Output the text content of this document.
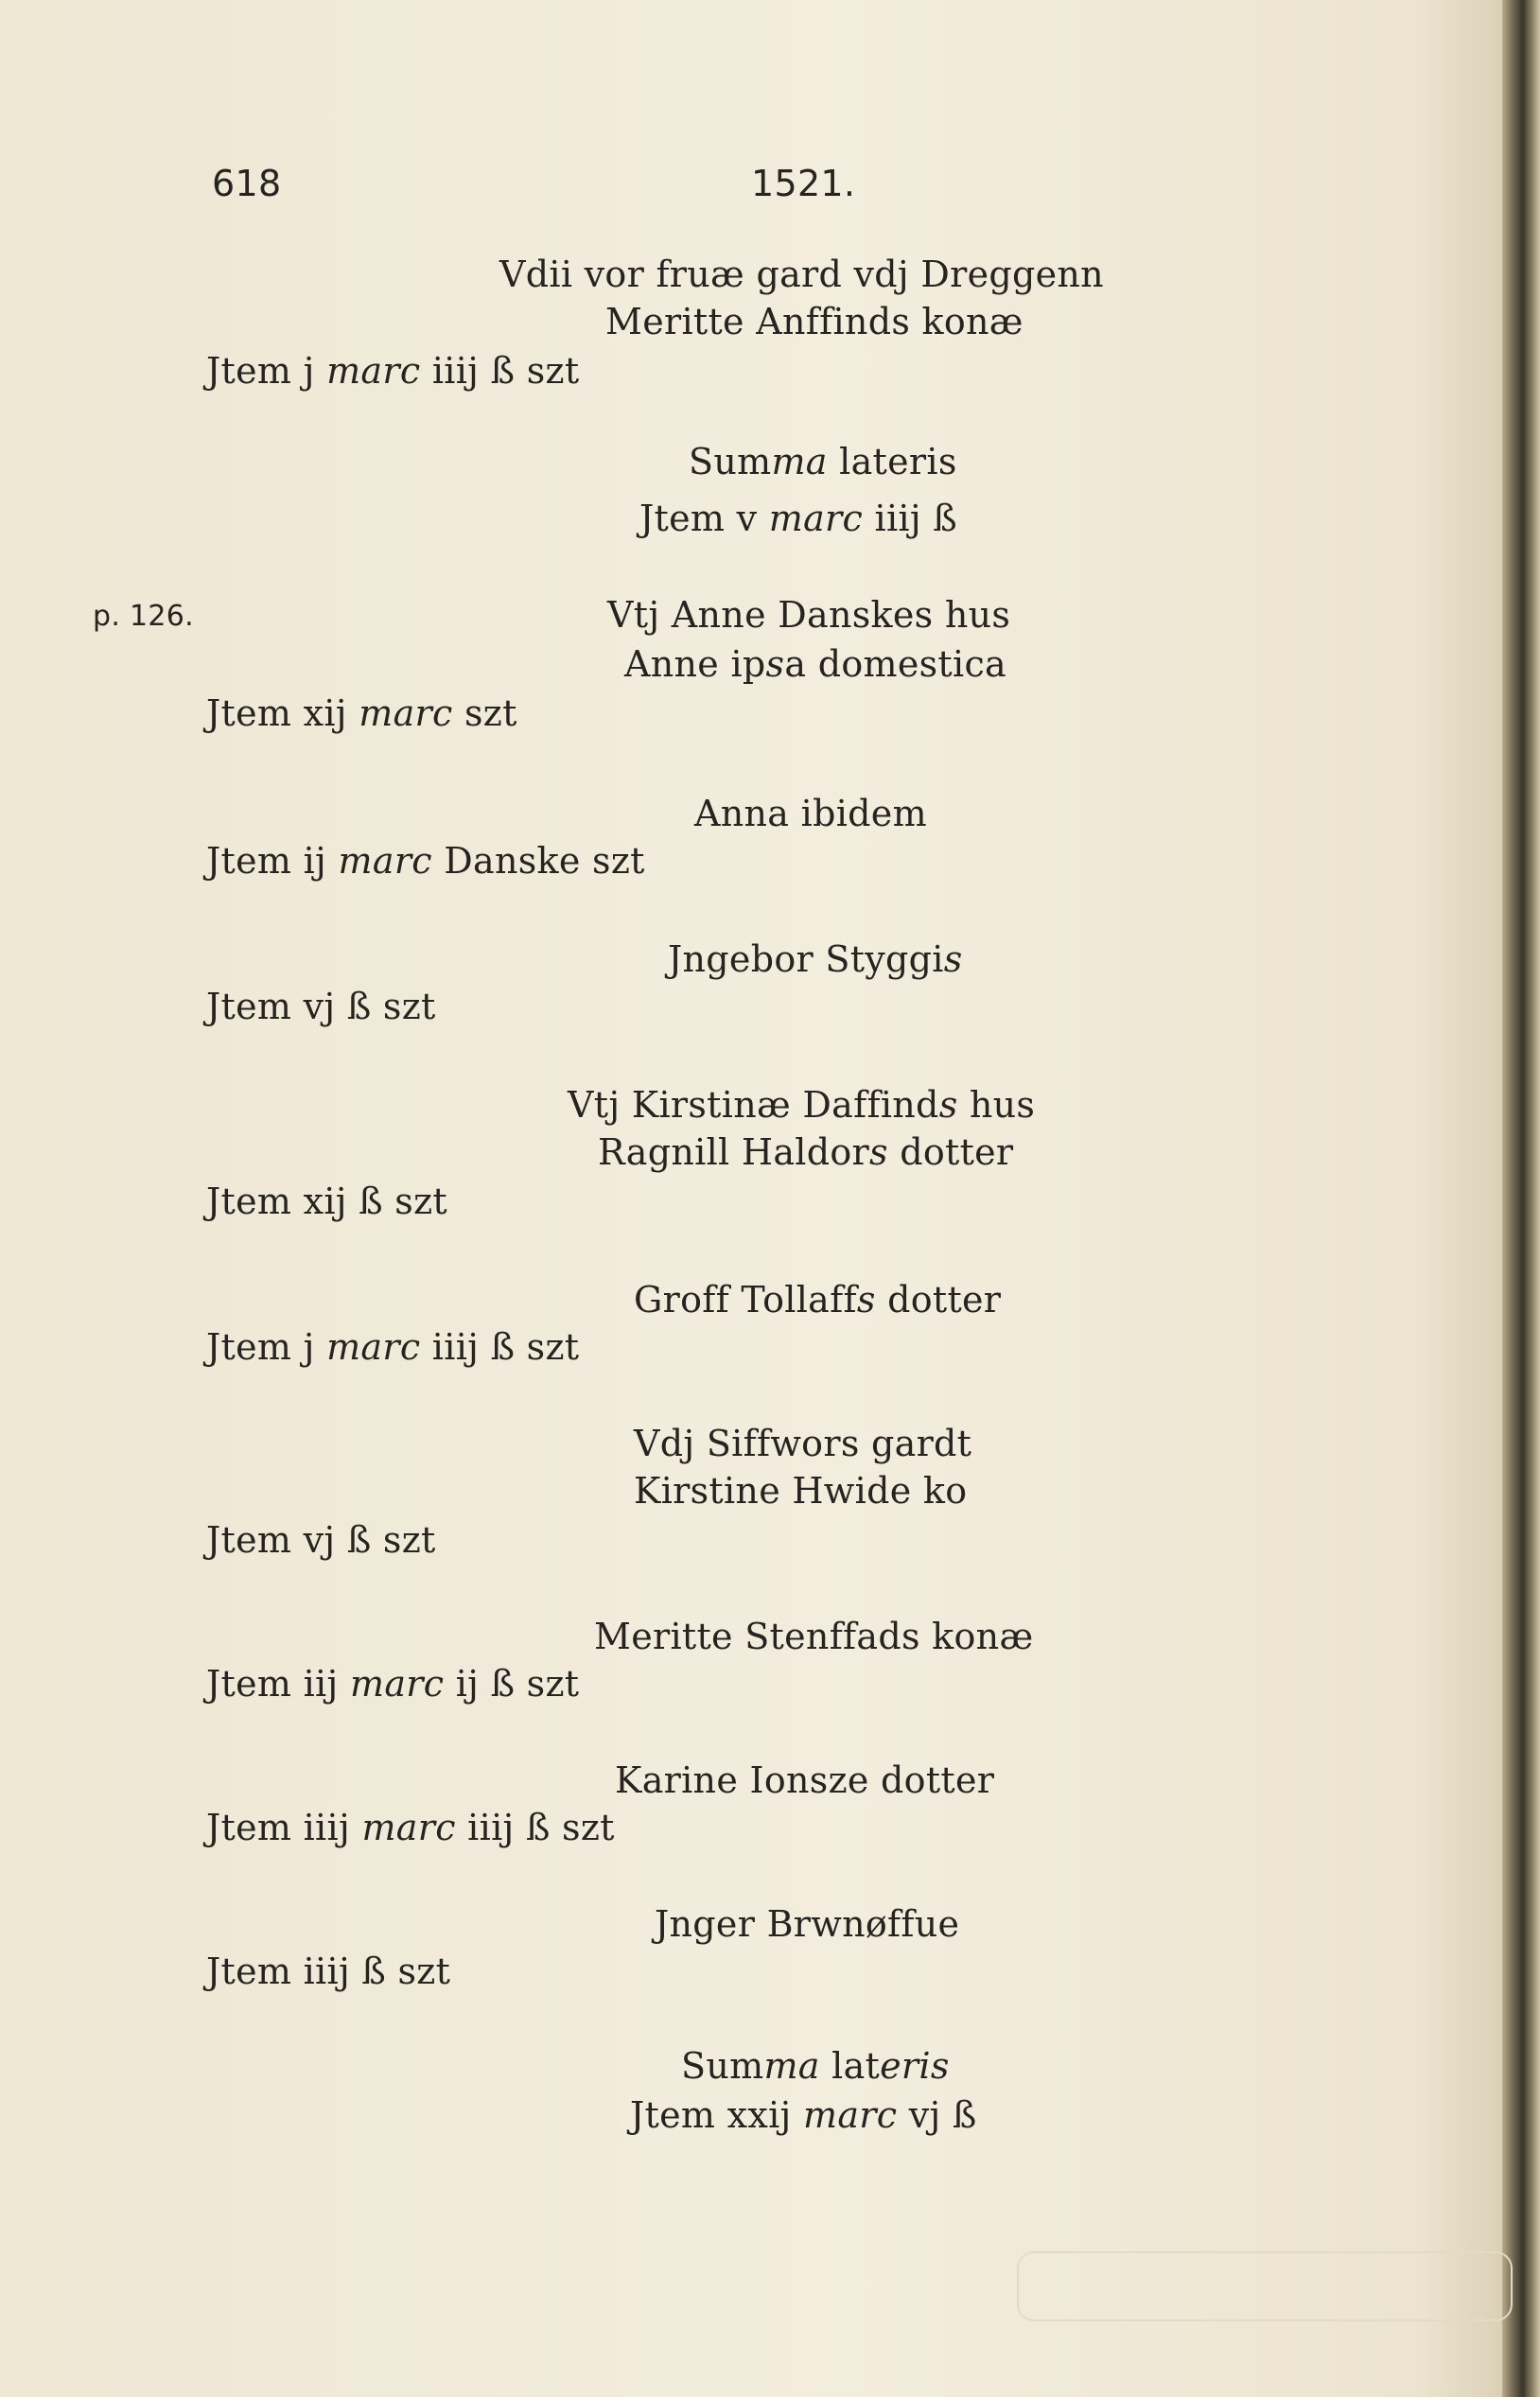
618	1521.
p. 126.
Vdii vor fruæ gard vdj Dreggenn
Meritte Anffinds konæ
Jtem j marc iiij ß szt
Summa lateris
Jtem v marc iiij ß
Vtj Anne Danskes hus
Anne ipsa domestica
Jtem xij marc szt
Anna ibidem
Jtem ij marc Danske szt
Jngebor Styggis
Jtem vj ß szt
Vtj Kirstinæ Daffinds hus
Ragnill Haldors dotter
Jtem xij ß szt
Groff Tollaffs dotter
Jtem j marc iiij ß szt
Vdj Siffwors gardt
Kirstine Hwide ko
Jtem vj ß szt
Meritte Stenffads konæ
Jtem iij marc ij ß szt
Karine Ionsze dotter
Jtem iiij marc iiij ß szt
Jnger Brwnøffue
Jtem iiij ß szt
Summa lateris
Jtem xxij marc vj ß
